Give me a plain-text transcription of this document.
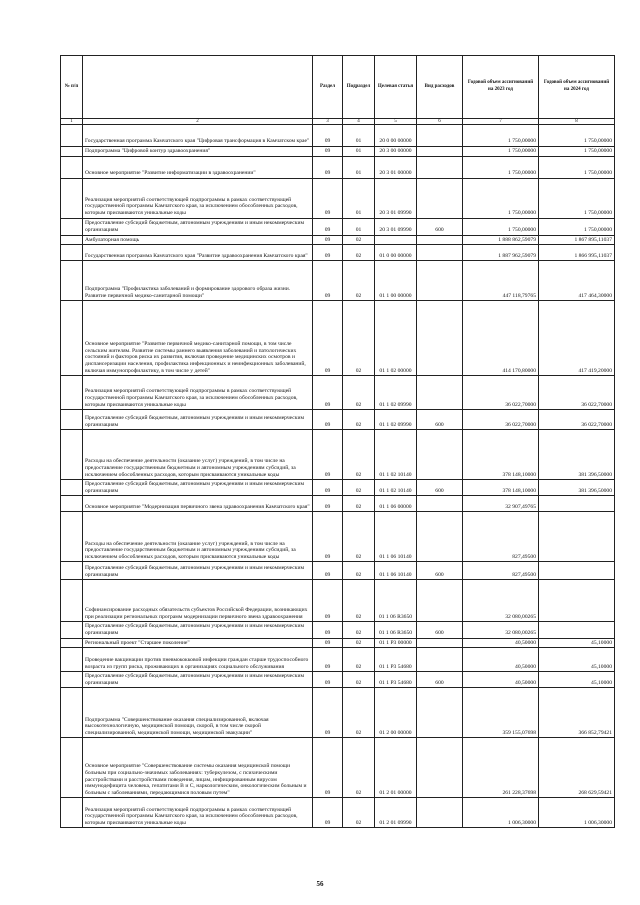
№ п/п		Раздел	Подраздел	Целевая статья	Вид расходов	Годовой объем ассигнований на 2023 год	Годовой объем ассигнований на 2024 год
1	2	3	4	5	6	7	8
	Государственная программа Камчатского края "Цифровая трансформация в Камчатском крае"	09	01	20 0 00 00000		1 750,00000	1 750,00000
	Подпрограмма "Цифровой контур здравоохранения"	09	01	20 3 00 00000		1 750,00000	1 750,00000
	Основное мероприятие "Развитие информатизации в здравоохранении"	09	01	20 3 01 00000		1 750,00000	1 750,00000
	Реализация мероприятий соответствующей подпрограммы в рамках соответствующей государственной программы Камчатского края, за исключением обособленных расходов, которым присваиваются уникальные коды	09	01	20 3 01 09990		1 750,00000	1 750,00000
	Предоставление субсидий бюджетным, автономным учреждениям и иным некоммерческим организациям	09	01	20 3 01 09990	600	1 750,00000	1 750,00000
	Амбулаторная помощь	09	02			1 888 862,59079	1 867 895,11037
	Государственная программа Камчатского края "Развитие здравоохранения Камчатского края"	09	02	01 0 00 00000		1 887 962,59079	1 866 995,11037
	Подпрограмма "Профилактика заболеваний и формирование здорового образа жизни. Развитие первичной медико-санитарной помощи"	09	02	01 1 00 00000		447 118,79765	417 464,30000
	Основное мероприятие "Развитие первичной медико-санитарной помощи, в том числе сельским жителям. Развитие системы раннего выявления заболеваний и патологических состояний и факторов риска их развития, включая проведение медицинских осмотров и диспансеризации населения, профилактика инфекционных и неинфекционных заболеваний, включая иммунопрофилактику, в том числе у детей"	09	02	01 1 02 00000		414 170,80000	417 419,20000
	Реализация мероприятий соответствующей подпрограммы в рамках соответствующей государственной программы Камчатского края, за исключением обособленных расходов, которым присваиваются уникальные коды	09	02	01 1 02 09990		36 022,70000	36 022,70000
	Предоставление субсидий бюджетным, автономным учреждениям и иным некоммерческим организациям	09	02	01 1 02 09990	600	36 022,70000	36 022,70000
	Расходы на обеспечение деятельности (оказание услуг) учреждений, в том числе на предоставление государственным бюджетным и автономным учреждениям субсидий, за исключением обособленных расходов, которым присваиваются уникальные коды	09	02	01 1 02 10140		378 148,10000	381 396,50000
	Предоставление субсидий бюджетным, автономным учреждениям и иным некоммерческим организациям	09	02	01 1 02 10140	600	378 148,10000	381 396,50000
	Основное мероприятие "Модернизация первичного звена здравоохранения Камчатского края"	09	02	01 1 06 00000		32 907,49765	
	Расходы на обеспечение деятельности (оказание услуг) учреждений, в том числе на предоставление государственным бюджетным и автономным учреждениям субсидий, за исключением обособленных расходов, которым присваиваются уникальные коды	09	02	01 1 06 10140		827,49500	
	Предоставление субсидий бюджетным, автономным учреждениям и иным некоммерческим организациям	09	02	01 1 06 10140	600	827,49500	
	Софинансирование расходных обязательств субъектов Российской Федерации, возникающих при реализации региональных программ модернизации первичного звена здравоохранения	09	02	01 1 06 R3650		32 080,00265	
	Предоставление субсидий бюджетным, автономным учреждениям и иным некоммерческим организациям	09	02	01 1 06 R3650	600	32 080,00265	
	Региональный проект "Старшее поколение"	09	02	01 1 P3 00000		40,50000	45,10000
	Проведение вакцинации против пневмококковой инфекции граждан старше трудоспособного возраста из групп риска, проживающих в организациях социального обслуживания	09	02	01 1 P3 54680		40,50000	45,10000
	Предоставление субсидий бюджетным, автономным учреждениям и иным некоммерческим организациям	09	02	01 1 P3 54680	600	40,50000	45,10000
	Подпрограмма "Совершенствование оказания специализированной, включая высокотехнологичную, медицинской помощи, скорой, в том числе скорой специализированной, медицинской помощи, медицинской эвакуации"	09	02	01 2 00 00000		359 155,07698	366 852,79421
	Основное мероприятие "Совершенствование системы оказания медицинской помощи больным при социально-значимых заболеваниях: туберкулезом, с психическими расстройствами и расстройствами поведения, лицам, инфицированным вирусом иммунодефицита человека, гепатитами В и С, наркологическим, онкологическим больным и больным с заболеваниями, передающимися половым путем"	09	02	01 2 01 00000		261 228,37698	268 629,59421
	Реализация мероприятий соответствующей подпрограммы в рамках соответствующей государственной программы Камчатского края, за исключением обособленных расходов, которым присваиваются уникальные коды	09	02	01 2 01 09990		1 006,30000	1 006,30000
56
